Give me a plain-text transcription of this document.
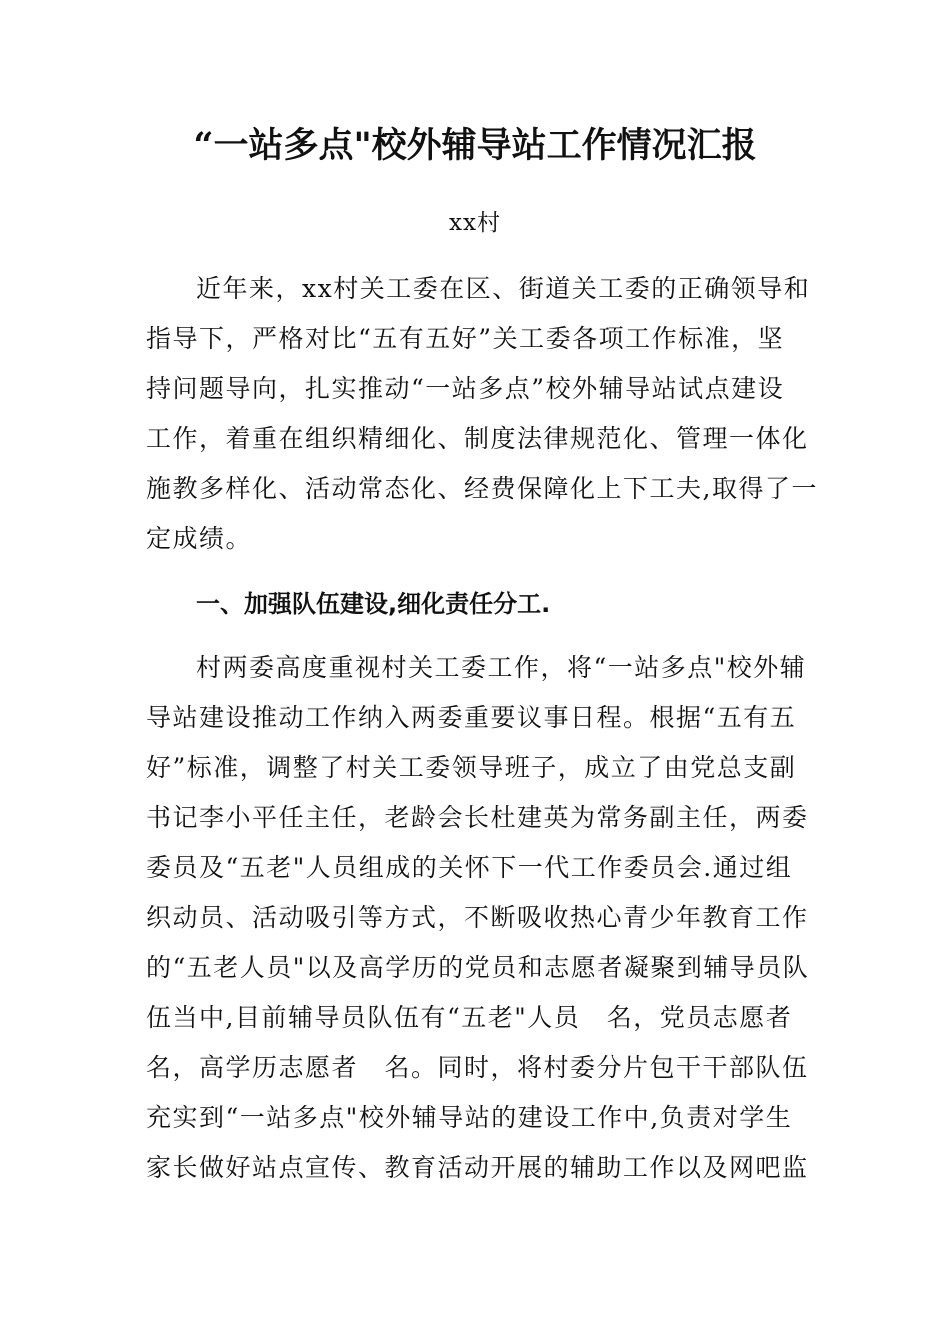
“一站多点"校外辅导站工作情况汇报
xx村
近年来，xx村关工委在区、街道关工委的正确领导和
指导下，严格对比“五有五好”关工委各项工作标准，坚
持问题导向，扎实推动“一站多点”校外辅导站试点建设
工作，着重在组织精细化、制度法律规范化、管理一体化
施教多样化、活动常态化、经费保障化上下工夫,取得了一
定成绩。
一、加强队伍建设,细化责任分工.
村两委高度重视村关工委工作，将“一站多点"校外辅
导站建设推动工作纳入两委重要议事日程。根据“五有五
好”标准，调整了村关工委领导班子，成立了由党总支副
书记李小平任主任，老龄会长杜建英为常务副主任，两委
委员及“五老"人员组成的关怀下一代工作委员会.通过组
织动员、活动吸引等方式，不断吸收热心青少年教育工作
的“五老人员"以及高学历的党员和志愿者凝聚到辅导员队
伍当中,目前辅导员队伍有“五老"人员　名，党员志愿者
名，高学历志愿者　名。同时，将村委分片包干干部队伍
充实到“一站多点"校外辅导站的建设工作中,负责对学生
家长做好站点宣传、教育活动开展的辅助工作以及网吧监
